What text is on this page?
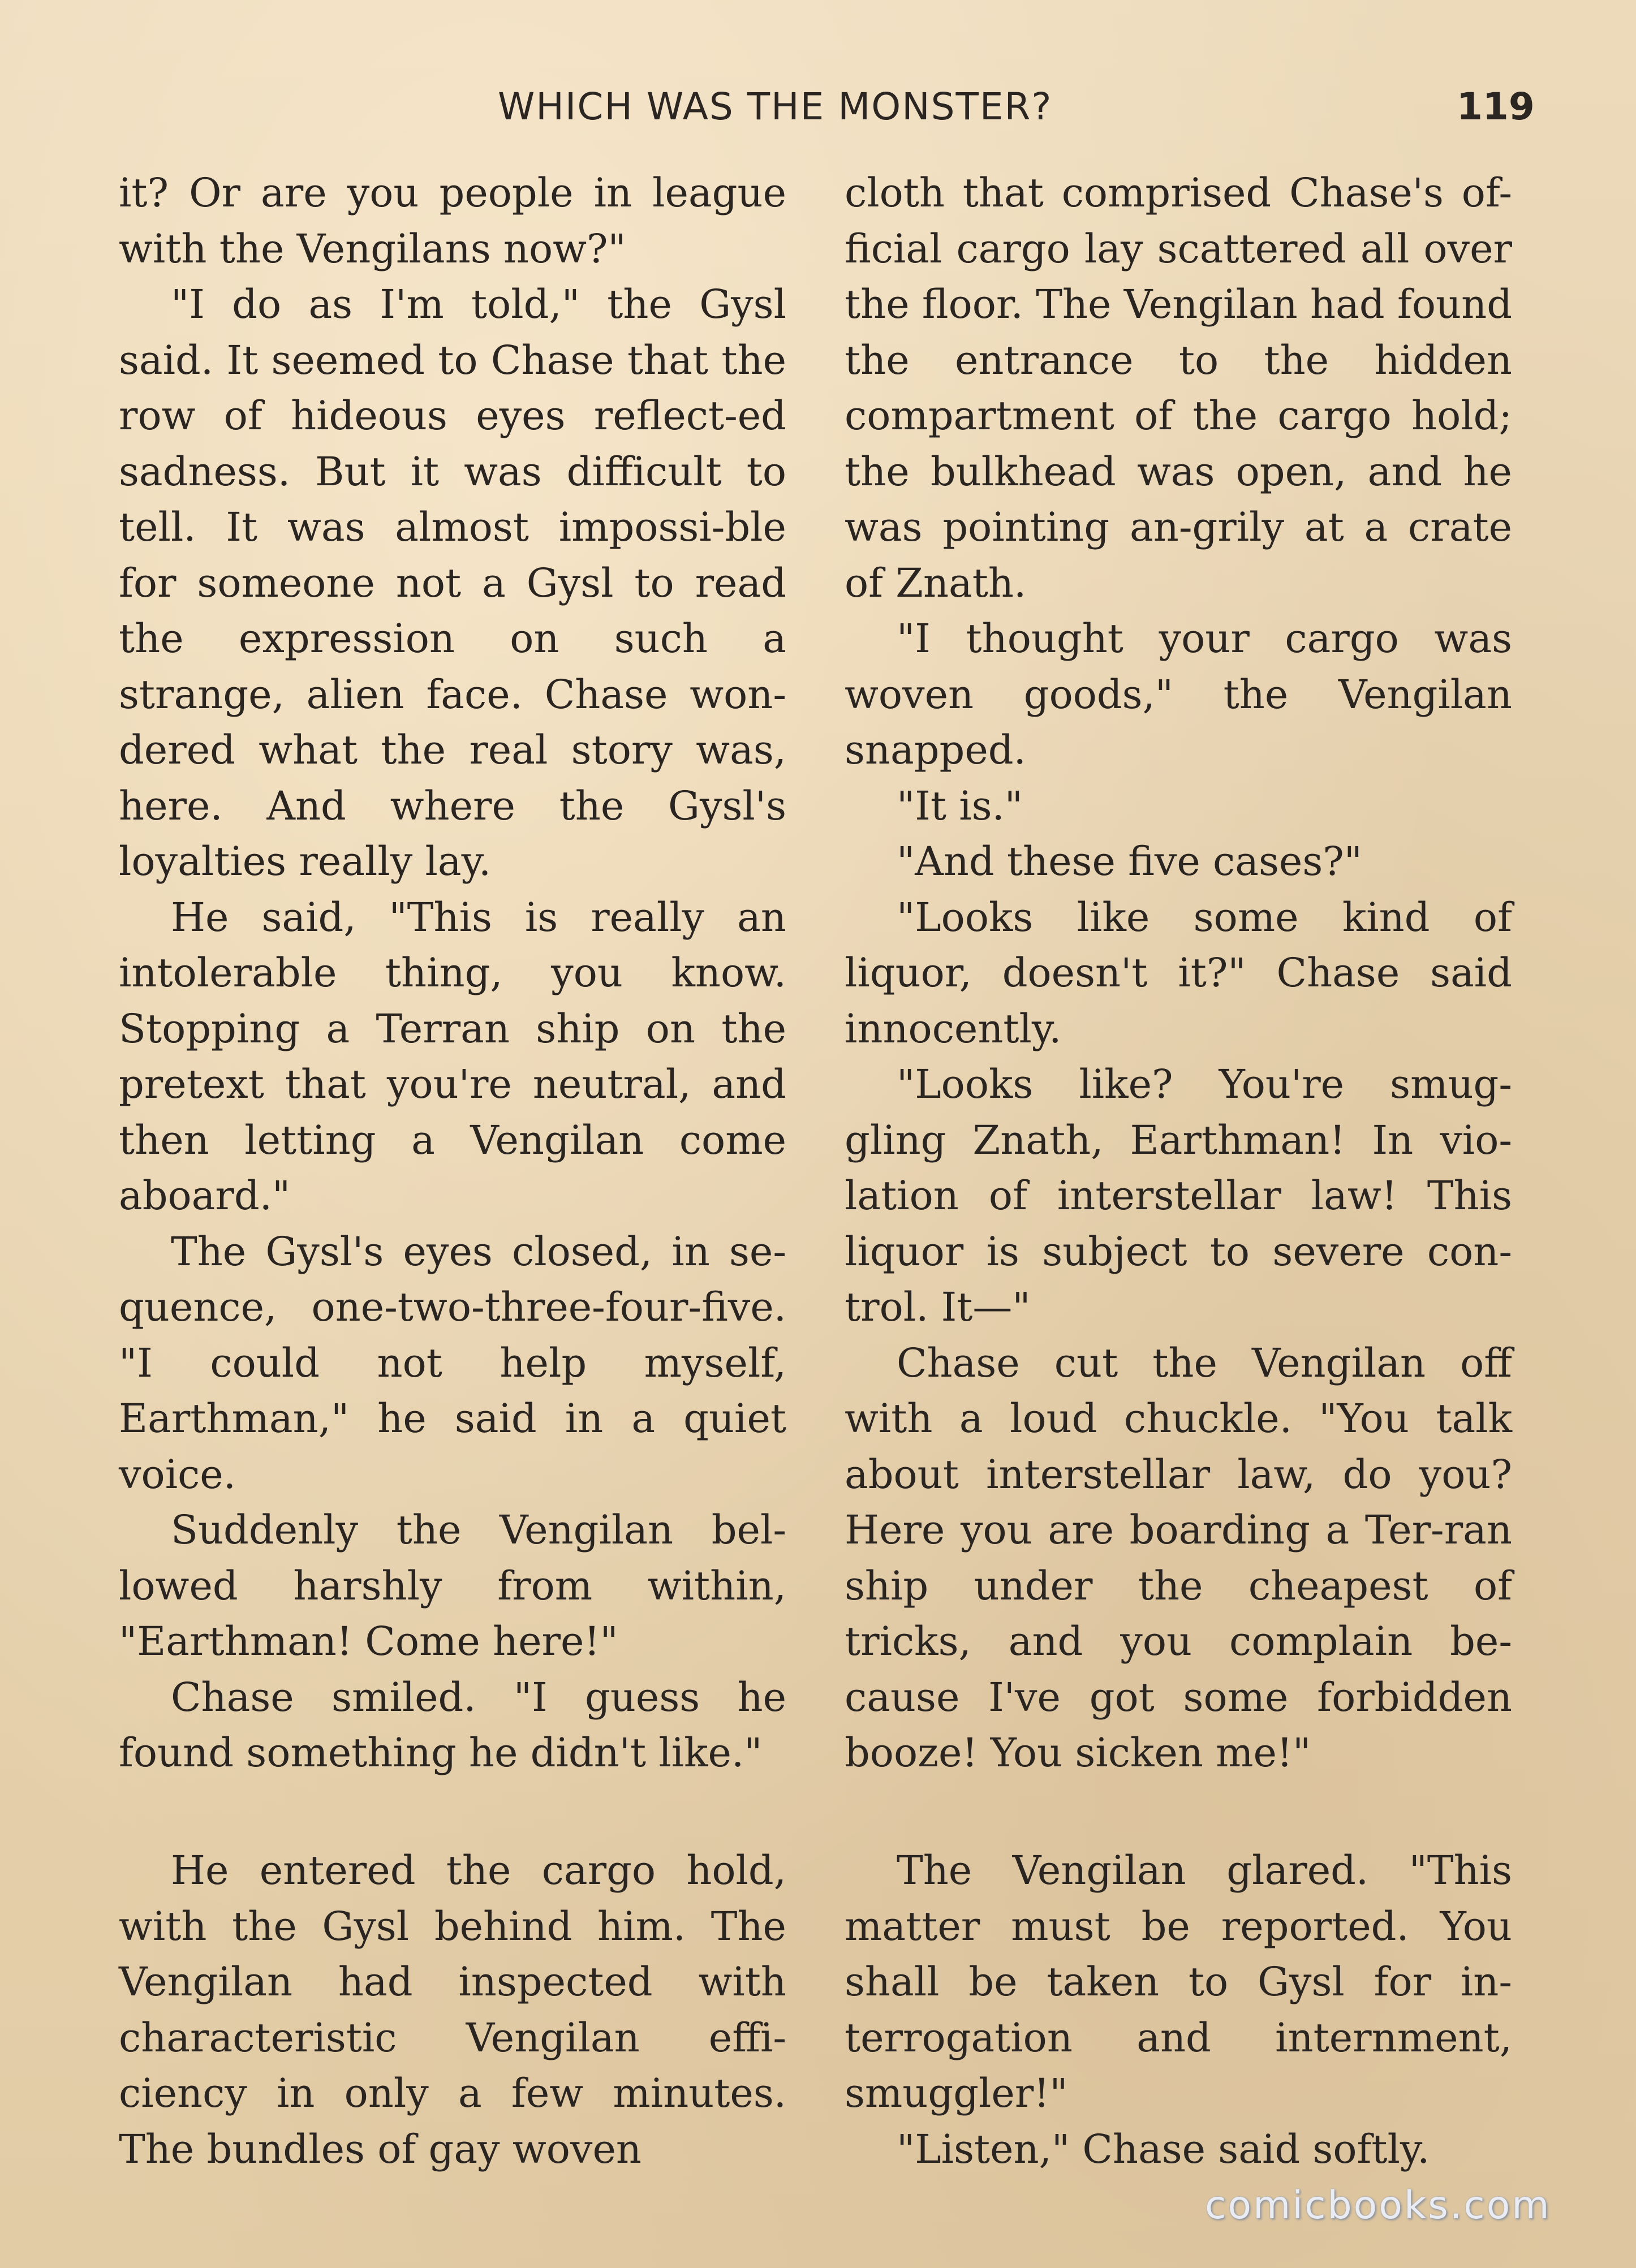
WHICH WAS THE MONSTER?	119

it? Or are you people in league with the Vengilans now?"

"I do as I'm told," the Gysl said. It seemed to Chase that the row of hideous eyes reflect-ed sadness. But it was difficult to tell. It was almost impossi-ble for someone not a Gysl to read the expression on such a strange, alien face. Chase won-dered what the real story was, here. And where the Gysl's loyalties really lay.

He said, "This is really an intolerable thing, you know. Stopping a Terran ship on the pretext that you're neutral, and then letting a Vengilan come aboard."

The Gysl's eyes closed, in se-quence, one-two-three-four-five. "I could not help myself, Earthman," he said in a quiet voice.

Suddenly the Vengilan bel-lowed harshly from within, "Earthman! Come here!"

Chase smiled. "I guess he found something he didn't like."

cloth that comprised Chase's of-ficial cargo lay scattered all over the floor. The Vengilan had found the entrance to the hidden compartment of the cargo hold; the bulkhead was open, and he was pointing an-grily at a crate of Znath.

"I thought your cargo was woven goods," the Vengilan snapped.

"It is."

"And these five cases?"

"Looks like some kind of liquor, doesn't it?" Chase said innocently.

"Looks like? You're smug-gling Znath, Earthman! In vio-lation of interstellar law! This liquor is subject to severe con-trol. It—"

Chase cut the Vengilan off with a loud chuckle. "You talk about interstellar law, do you? Here you are boarding a Ter-ran ship under the cheapest of tricks, and you complain be-cause I've got some forbidden booze! You sicken me!"

He entered the cargo hold, with the Gysl behind him. The Vengilan had inspected with characteristic Vengilan effi-ciency in only a few minutes. The bundles of gay woven

The Vengilan glared. "This matter must be reported. You shall be taken to Gysl for in-terrogation and internment, smuggler!"

"Listen," Chase said softly.

comicbooks.com
